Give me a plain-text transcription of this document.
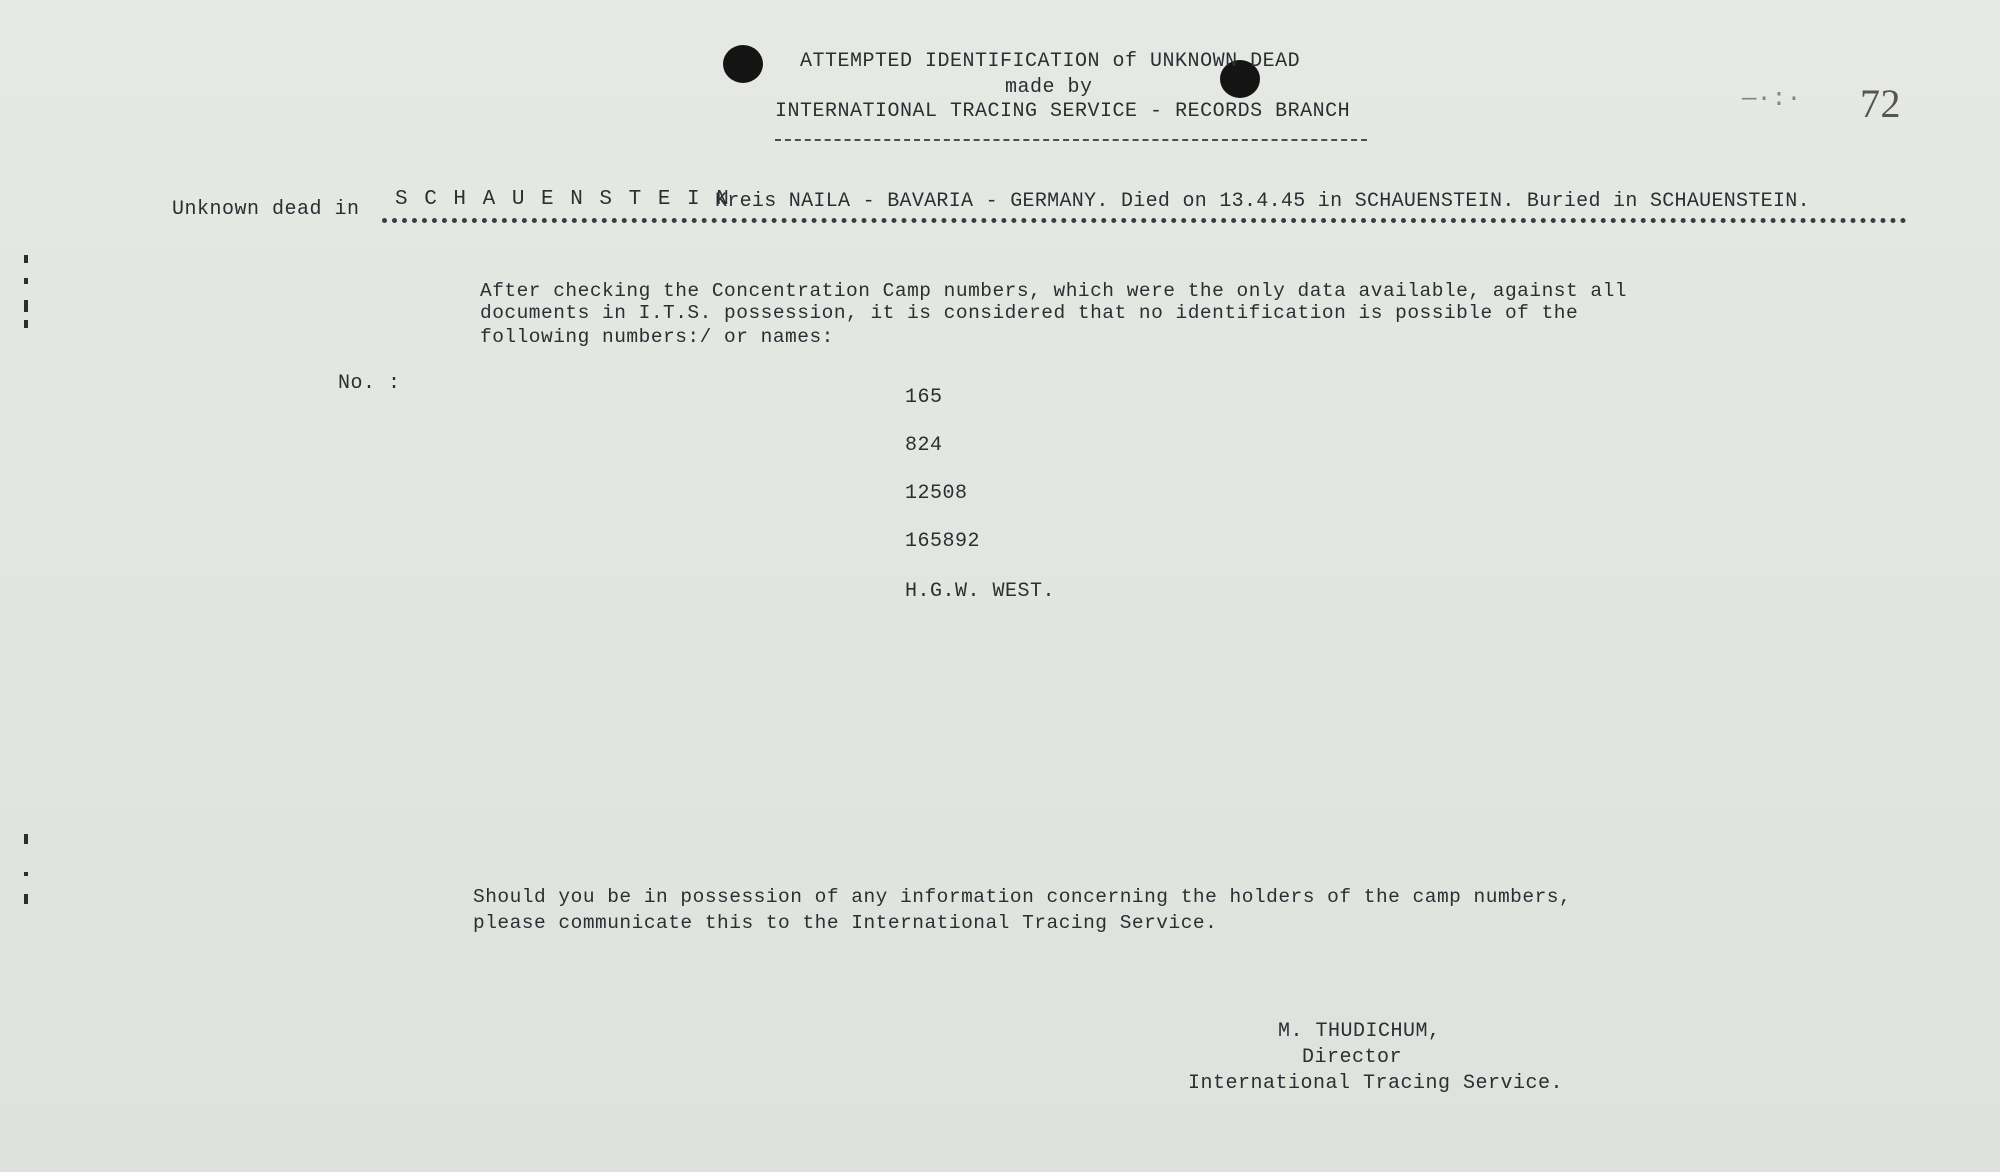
ATTEMPTED IDENTIFICATION of UNKNOWN DEAD
made by
INTERNATIONAL TRACING SERVICE - RECORDS BRANCH	—·:· 72
Unknown dead in S C H A U E N S T E I N
Kreis NAILA - BAVARIA - GERMANY. Died on 13.4.45 in SCHAUENSTEIN. Buried in SCHAUENSTEIN.
After checking the Concentration Camp numbers, which were the only data available, against all
documents in I.T.S. possession, it is considered that no identification is possible of the
following numbers:/ or names:
No. :
165
824
12508
165892
H.G.W. WEST.
Should you be in possession of any information concerning the holders of the camp numbers,
please communicate this to the International Tracing Service.
M. THUDICHUM,
Director
International Tracing Service.
